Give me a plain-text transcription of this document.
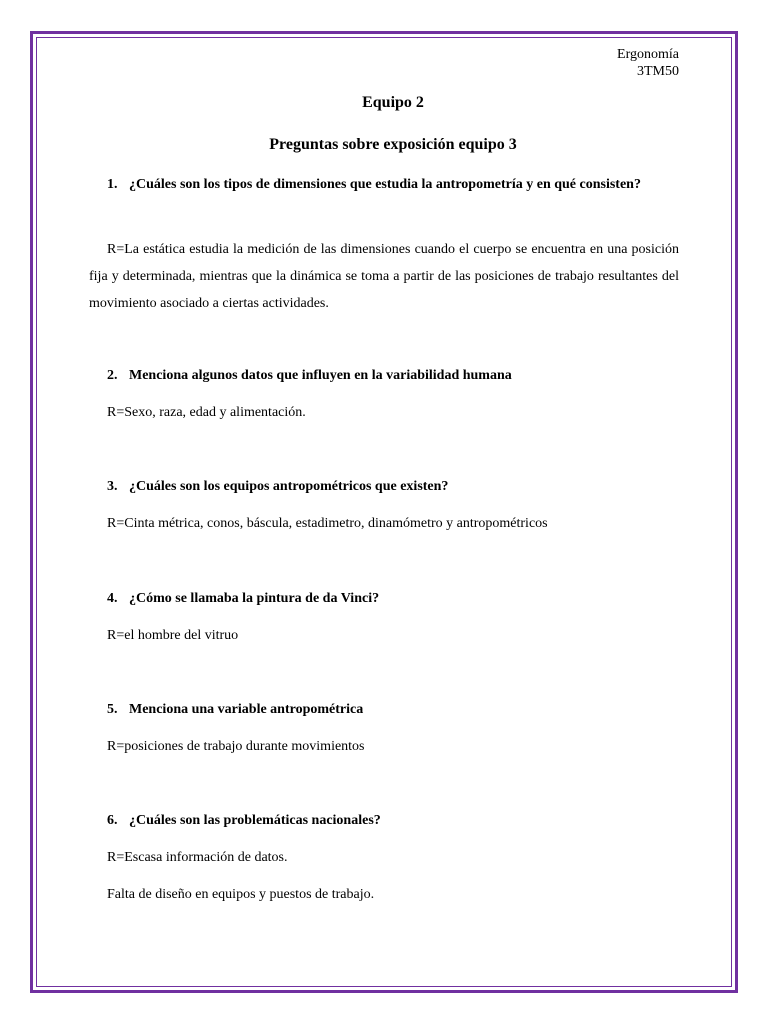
Ergonomía
3TM50
Equipo 2
Preguntas sobre exposición equipo 3
1. ¿Cuáles son los tipos de dimensiones que estudia la antropometría y en qué consisten?
R=La estática estudia la medición de las dimensiones cuando el cuerpo se encuentra en una posición fija y determinada, mientras que la dinámica se toma a partir de las posiciones de trabajo resultantes del movimiento asociado a ciertas actividades.
2. Menciona algunos datos que influyen en la variabilidad humana
R=Sexo, raza, edad y alimentación.
3. ¿Cuáles son los equipos antropométricos que existen?
R=Cinta métrica, conos, báscula, estadimetro, dinamómetro y antropométricos
4. ¿Cómo se llamaba la pintura de da Vinci?
R=el hombre del vitruo
5. Menciona una variable antropométrica
R=posiciones de trabajo durante movimientos
6. ¿Cuáles son las problemáticas nacionales?
R=Escasa información de datos.
Falta de diseño en equipos y puestos de trabajo.
